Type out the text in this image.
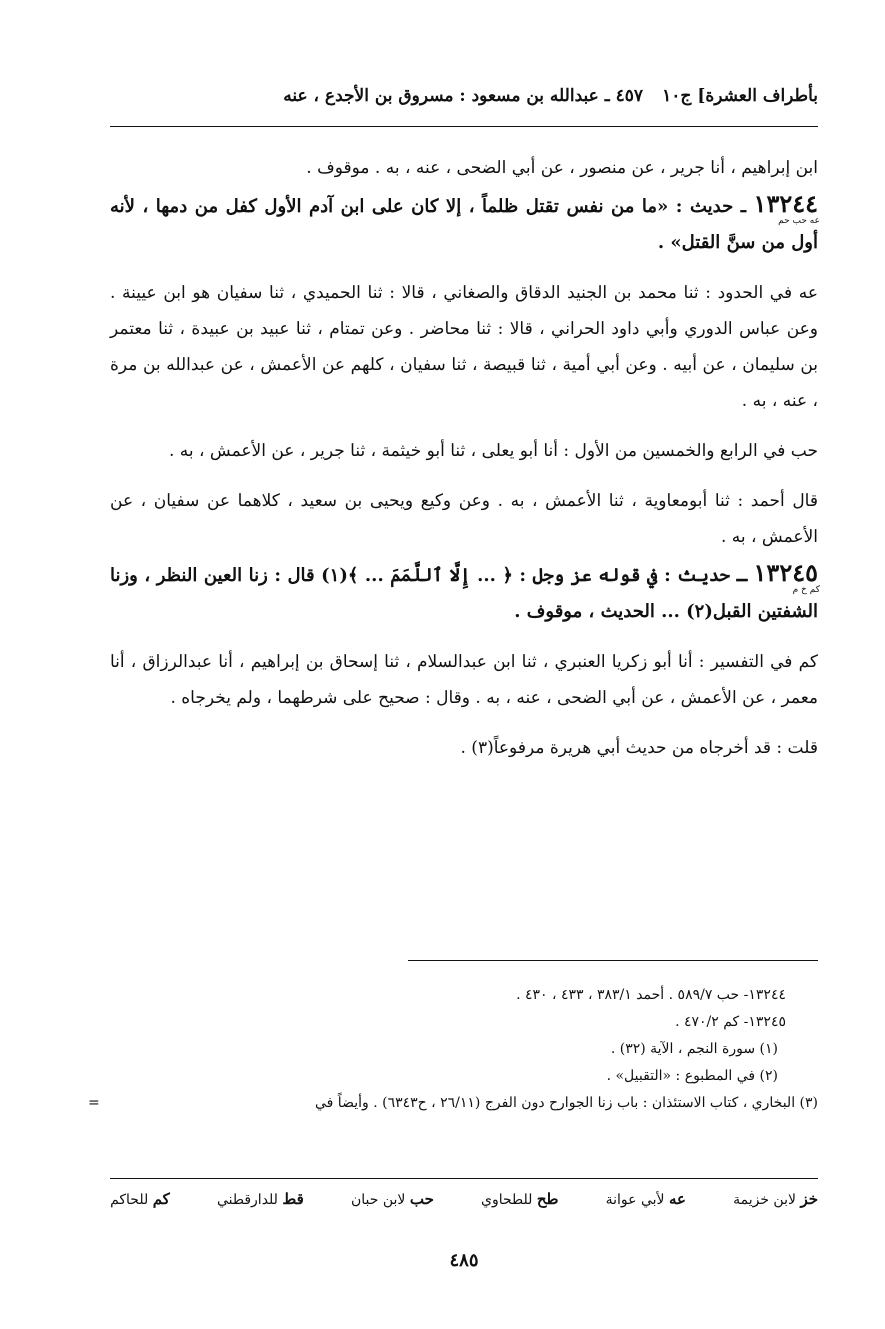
بأطراف العشرة] ج١٠
٤٥٧ ـ عبدالله بن مسعود : مسروق بن الأجدع ، عنه

ابن إبراهيم ، أنا جرير ، عن منصور ، عن أبي الضحى ، عنه ، به . موقوف .

عه حب حم

١٣٢٤٤ ـ حديث : «ما من نفس تقتل ظلماً ، إلا كان على ابن آدم الأول كفل من دمها ، لأنه أول من سنَّ القتل» .

عه في الحدود : ثنا محمد بن الجنيد الدقاق والصغاني ، قالا : ثنا الحميدي ، ثنا سفيان هو ابن عيينة . وعن عباس الدوري وأبي داود الحراني ، قالا : ثنا محاضر . وعن تمتام ، ثنا عبيد بن عبيدة ، ثنا معتمر بن سليمان ، عن أبيه . وعن أبي أمية ، ثنا قبيصة ، ثنا سفيان ، كلهم عن الأعمش ، عن عبدالله بن مرة ، عنه ، به .

حب في الرابع والخمسين من الأول : أنا أبو يعلى ، ثنا أبو خيثمة ، ثنا جرير ، عن الأعمش ، به .

قال أحمد : ثنا أبومعاوية ، ثنا الأعمش ، به . وعن وكيع ويحيى بن سعيد ، كلاهما عن سفيان ، عن الأعمش ، به .

كم خ م

١٣٢٤٥ ـ حديث : في قوله عز وجل : ﴿ ... إِلَّا ٱللَّمَمَ ... ﴾(١) قال : زنا العين النظر ، وزنا الشفتين القبل(٢) ... الحديث ، موقوف .

كم في التفسير : أنا أبو زكريا العنبري ، ثنا ابن عبدالسلام ، ثنا إسحاق بن إبراهيم ، أنا عبدالرزاق ، أنا معمر ، عن الأعمش ، عن أبي الضحى ، عنه ، به . وقال : صحيح على شرطهما ، ولم يخرجاه .

قلت : قد أخرجاه من حديث أبي هريرة مرفوعاً(٣) .

١٣٢٤٤- حب ٥٨٩/٧ . أحمد ٣٨٣/١ ، ٤٣٣ ، ٤٣٠ .
١٣٢٤٥- كم ٤٧٠/٢ .
(١) سورة النجم ، الآية (٣٢) .
(٢) في المطبوع : «التقبيل» .
(٣) البخاري ، كتاب الاستئذان : باب زنا الجوارح دون الفرج (٢٦/١١ ، ح٦٣٤٣) . وأيضاً في
=
خز لابن خزيمة
عه لأبي عوانة
طح للطحاوي
حب لابن حبان
قط للدارقطني
كم للحاكم
٤٨٥
